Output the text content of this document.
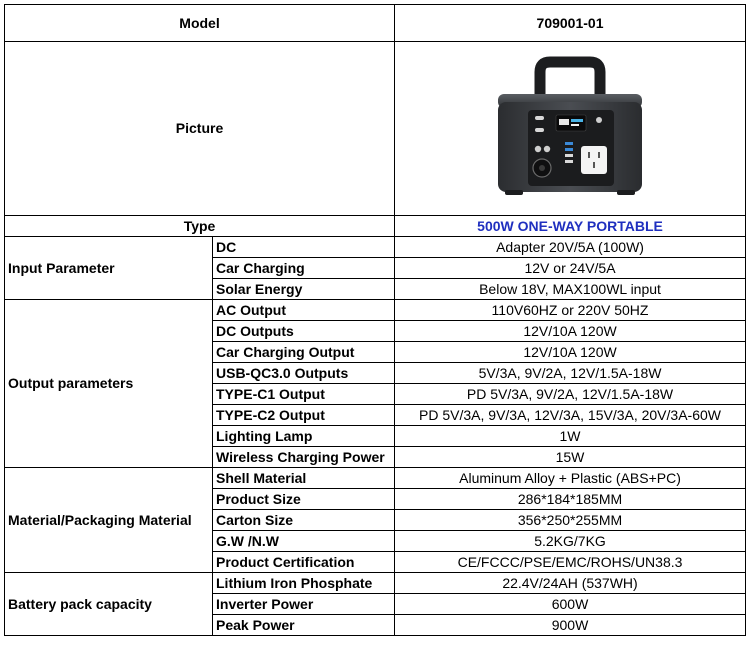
Model		709001-01
Picture	

Type		500W ONE-WAY PORTABLE
Input Parameter	DC	Adapter 20V/5A (100W)
	Car Charging	12V or 24V/5A
	Solar Energy	Below 18V, MAX100WL input
Output parameters	AC Output	110V60HZ or 220V 50HZ
	DC Outputs	12V/10A 120W
	Car Charging Output	12V/10A 120W
	USB-QC3.0 Outputs	5V/3A, 9V/2A, 12V/1.5A-18W
	TYPE-C1 Output	PD 5V/3A, 9V/2A, 12V/1.5A-18W
	TYPE-C2 Output	PD 5V/3A, 9V/3A, 12V/3A, 15V/3A, 20V/3A-60W
	Lighting Lamp	1W
	Wireless Charging Power	15W
Material/Packaging Material	Shell Material	Aluminum Alloy + Plastic (ABS+PC)
	Product Size	286*184*185MM
	Carton Size	356*250*255MM
	G.W /N.W	5.2KG/7KG
	Product Certification	CE/FCCC/PSE/EMC/ROHS/UN38.3
Battery pack capacity	Lithium Iron Phosphate	22.4V/24AH (537WH)
	Inverter Power	600W
	Peak Power	900W
